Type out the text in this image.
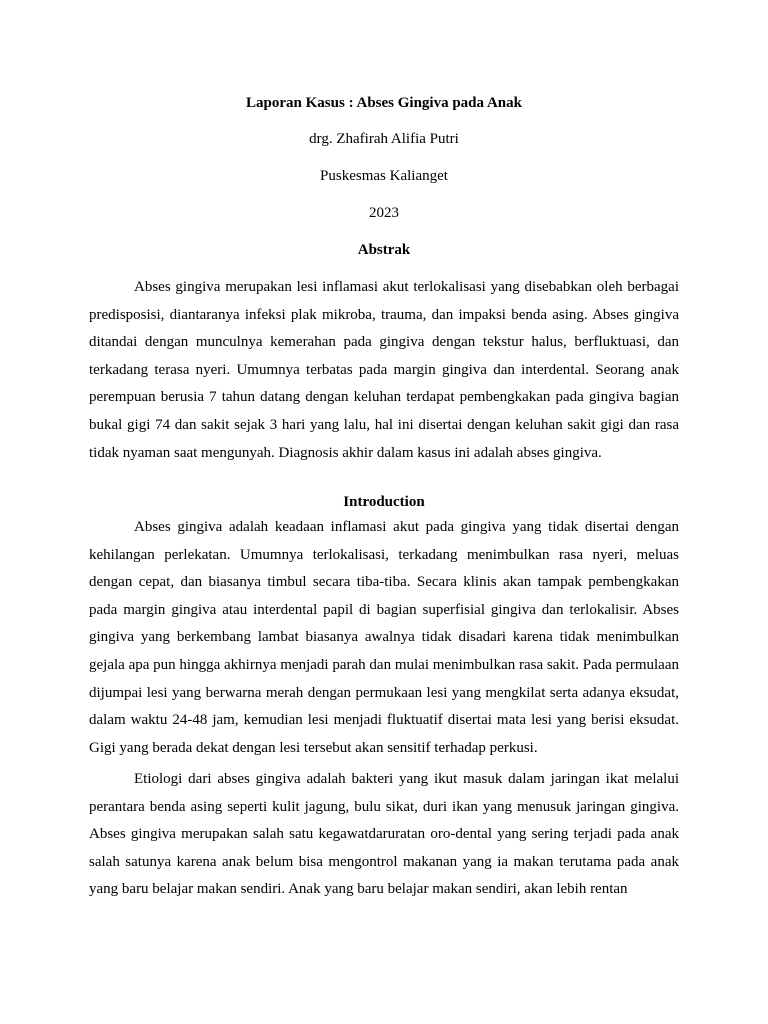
Laporan Kasus : Abses Gingiva pada Anak
drg. Zhafirah Alifia Putri
Puskesmas Kalianget
2023
Abstrak

Abses gingiva merupakan lesi inflamasi akut terlokalisasi yang disebabkan oleh berbagai predisposisi, diantaranya infeksi plak mikroba, trauma, dan impaksi benda asing. Abses gingiva ditandai dengan munculnya kemerahan pada gingiva dengan tekstur halus, berfluktuasi, dan terkadang terasa nyeri. Umumnya terbatas pada margin gingiva dan interdental. Seorang anak perempuan berusia 7 tahun datang dengan keluhan terdapat pembengkakan pada gingiva bagian bukal gigi 74 dan sakit sejak 3 hari yang lalu, hal ini disertai dengan keluhan sakit gigi dan rasa tidak nyaman saat mengunyah. Diagnosis akhir dalam kasus ini adalah abses gingiva.

Introduction

Abses gingiva adalah keadaan inflamasi akut pada gingiva yang tidak disertai dengan kehilangan perlekatan. Umumnya terlokalisasi, terkadang menimbulkan rasa nyeri, meluas dengan cepat, dan biasanya timbul secara tiba-tiba. Secara klinis akan tampak pembengkakan pada margin gingiva atau interdental papil di bagian superfisial gingiva dan terlokalisir. Abses gingiva yang berkembang lambat biasanya awalnya tidak disadari karena tidak menimbulkan gejala apa pun hingga akhirnya menjadi parah dan mulai menimbulkan rasa sakit. Pada permulaan dijumpai lesi yang berwarna merah dengan permukaan lesi yang mengkilat serta adanya eksudat, dalam waktu 24-48 jam, kemudian lesi menjadi fluktuatif disertai mata lesi yang berisi eksudat. Gigi yang berada dekat dengan lesi tersebut akan sensitif terhadap perkusi.

Etiologi dari abses gingiva adalah bakteri yang ikut masuk dalam jaringan ikat melalui perantara benda asing seperti kulit jagung, bulu sikat, duri ikan yang menusuk jaringan gingiva. Abses gingiva merupakan salah satu kegawatdaruratan oro-dental yang sering terjadi pada anak salah satunya karena anak belum bisa mengontrol makanan yang ia makan terutama pada anak yang baru belajar makan sendiri. Anak yang baru belajar makan sendiri, akan lebih rentan
